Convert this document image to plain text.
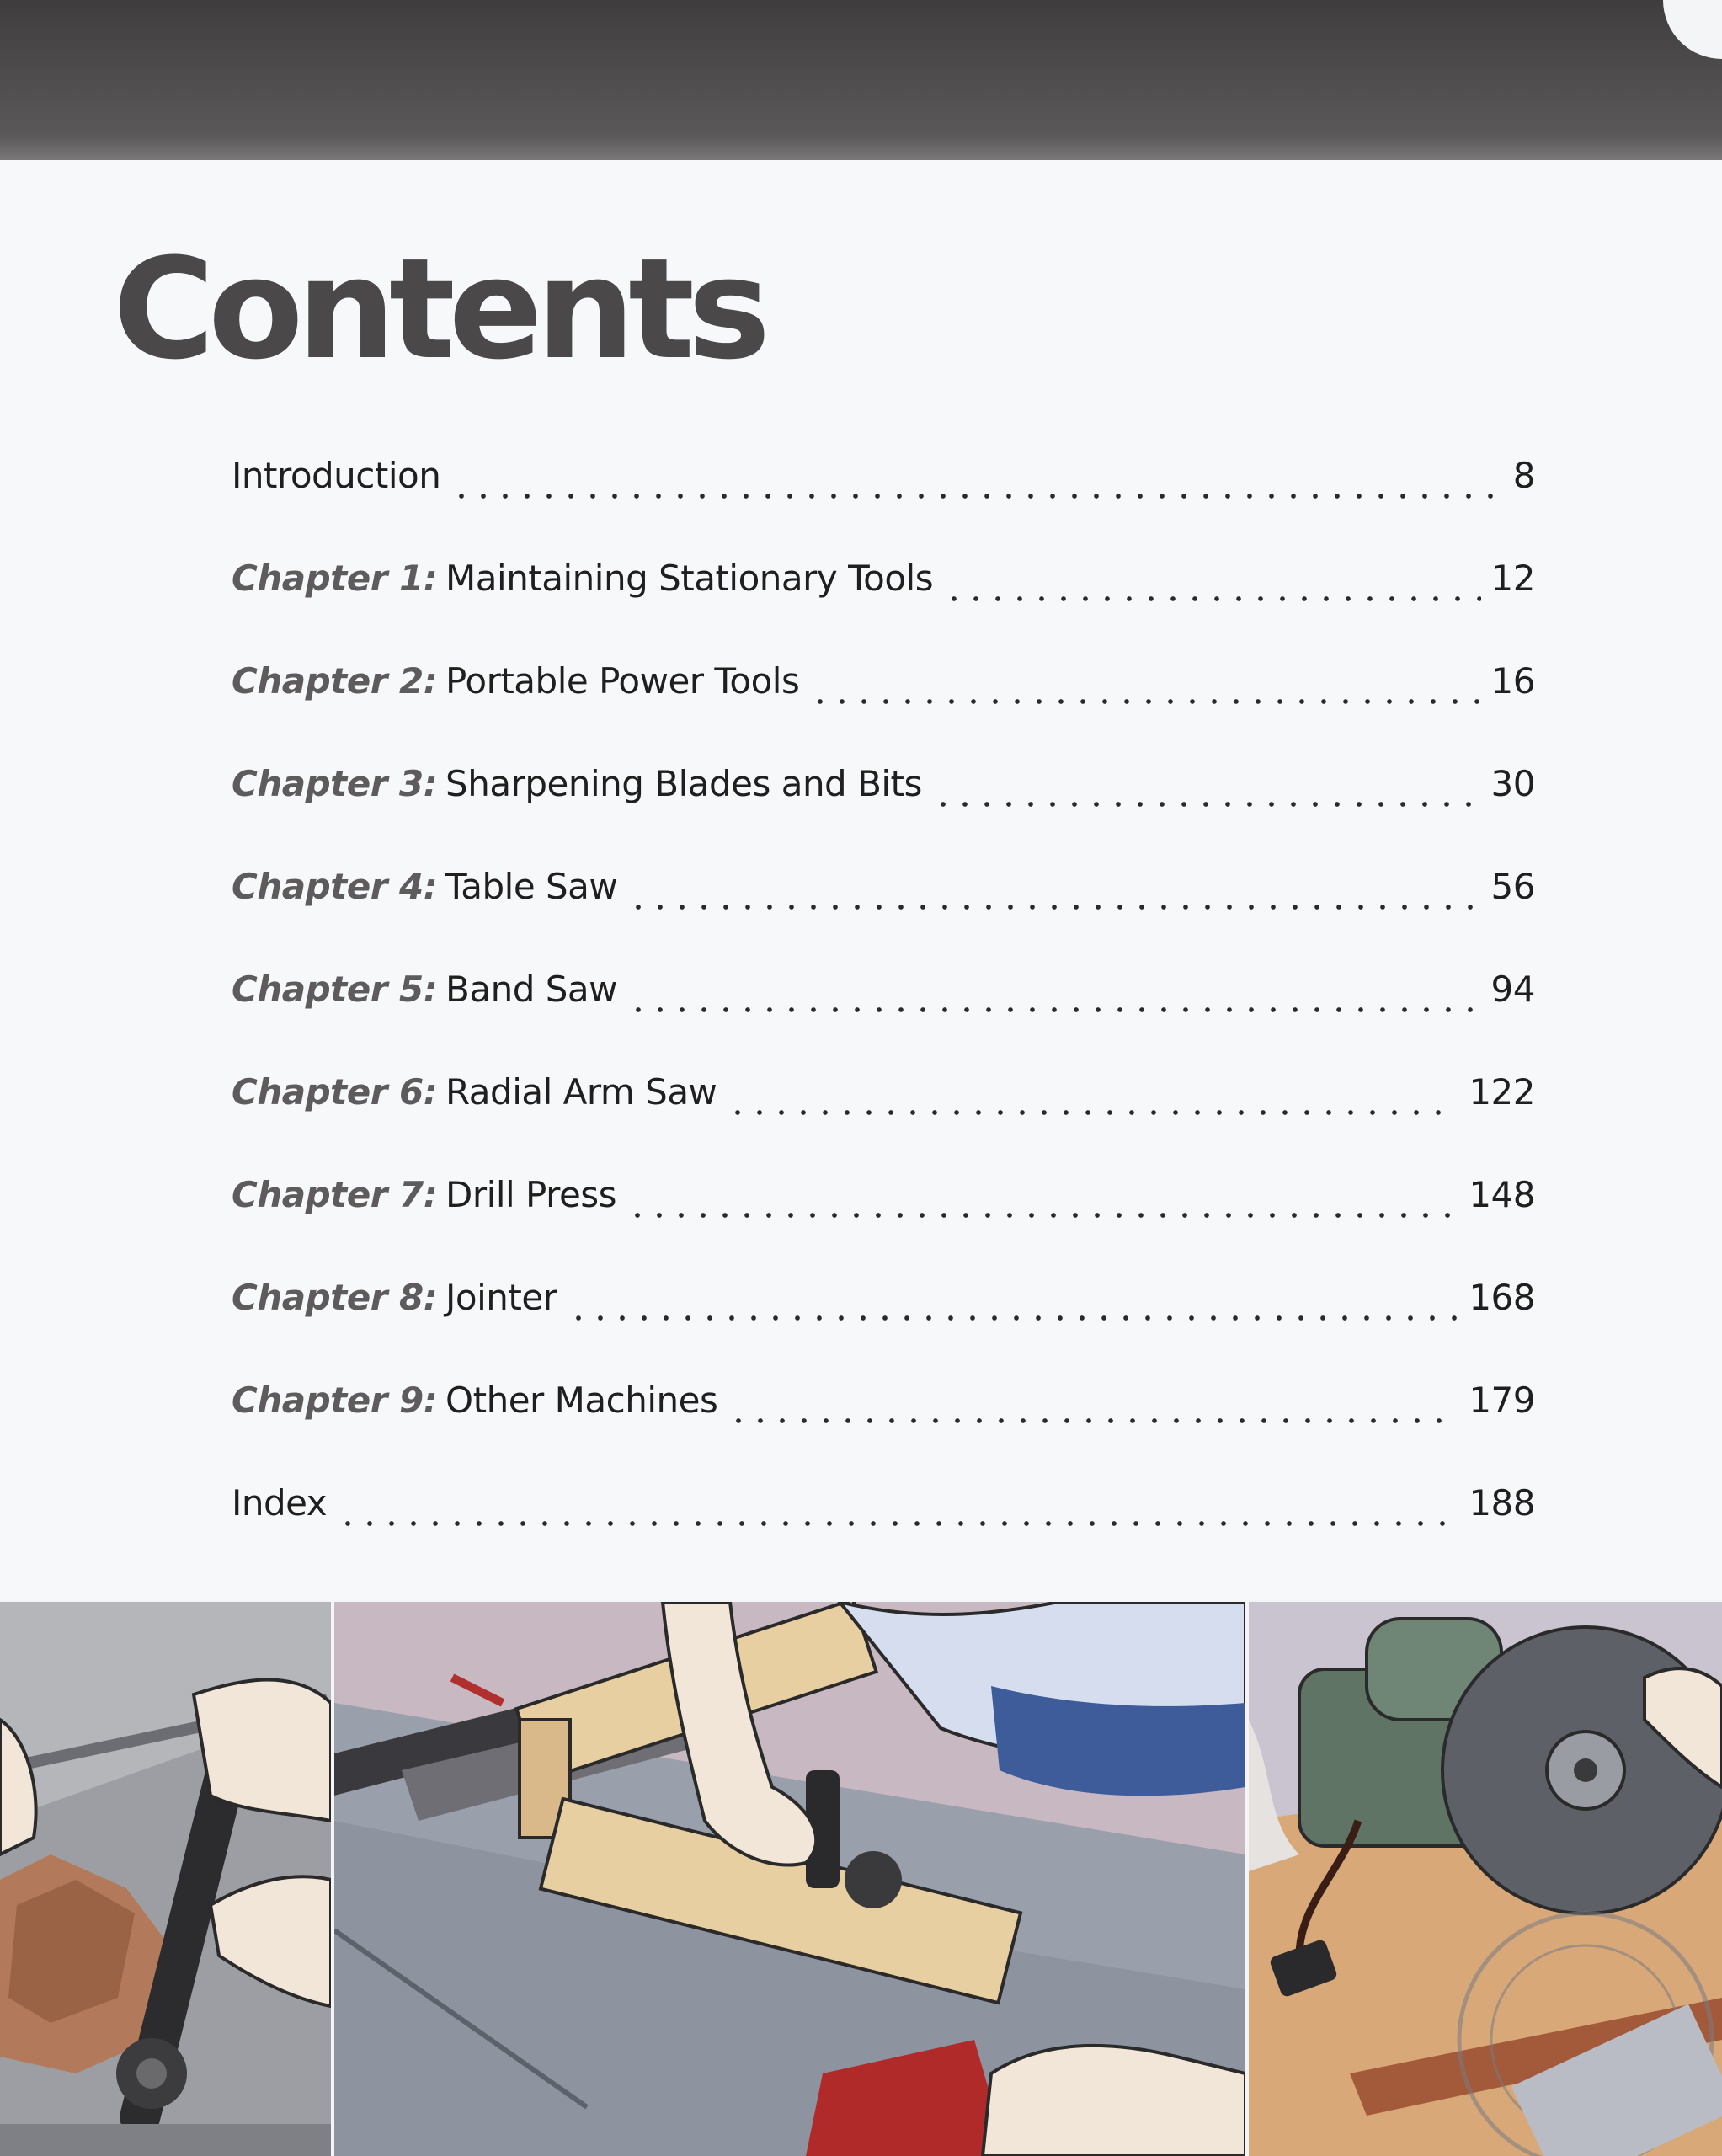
Contents
Introduction	8
Chapter 1: Maintaining Stationary Tools	12
Chapter 2: Portable Power Tools	16
Chapter 3: Sharpening Blades and Bits	30
Chapter 4: Table Saw	56
Chapter 5: Band Saw	94
Chapter 6: Radial Arm Saw	122
Chapter 7: Drill Press	148
Chapter 8: Jointer	168
Chapter 9: Other Machines	179
Index	188
